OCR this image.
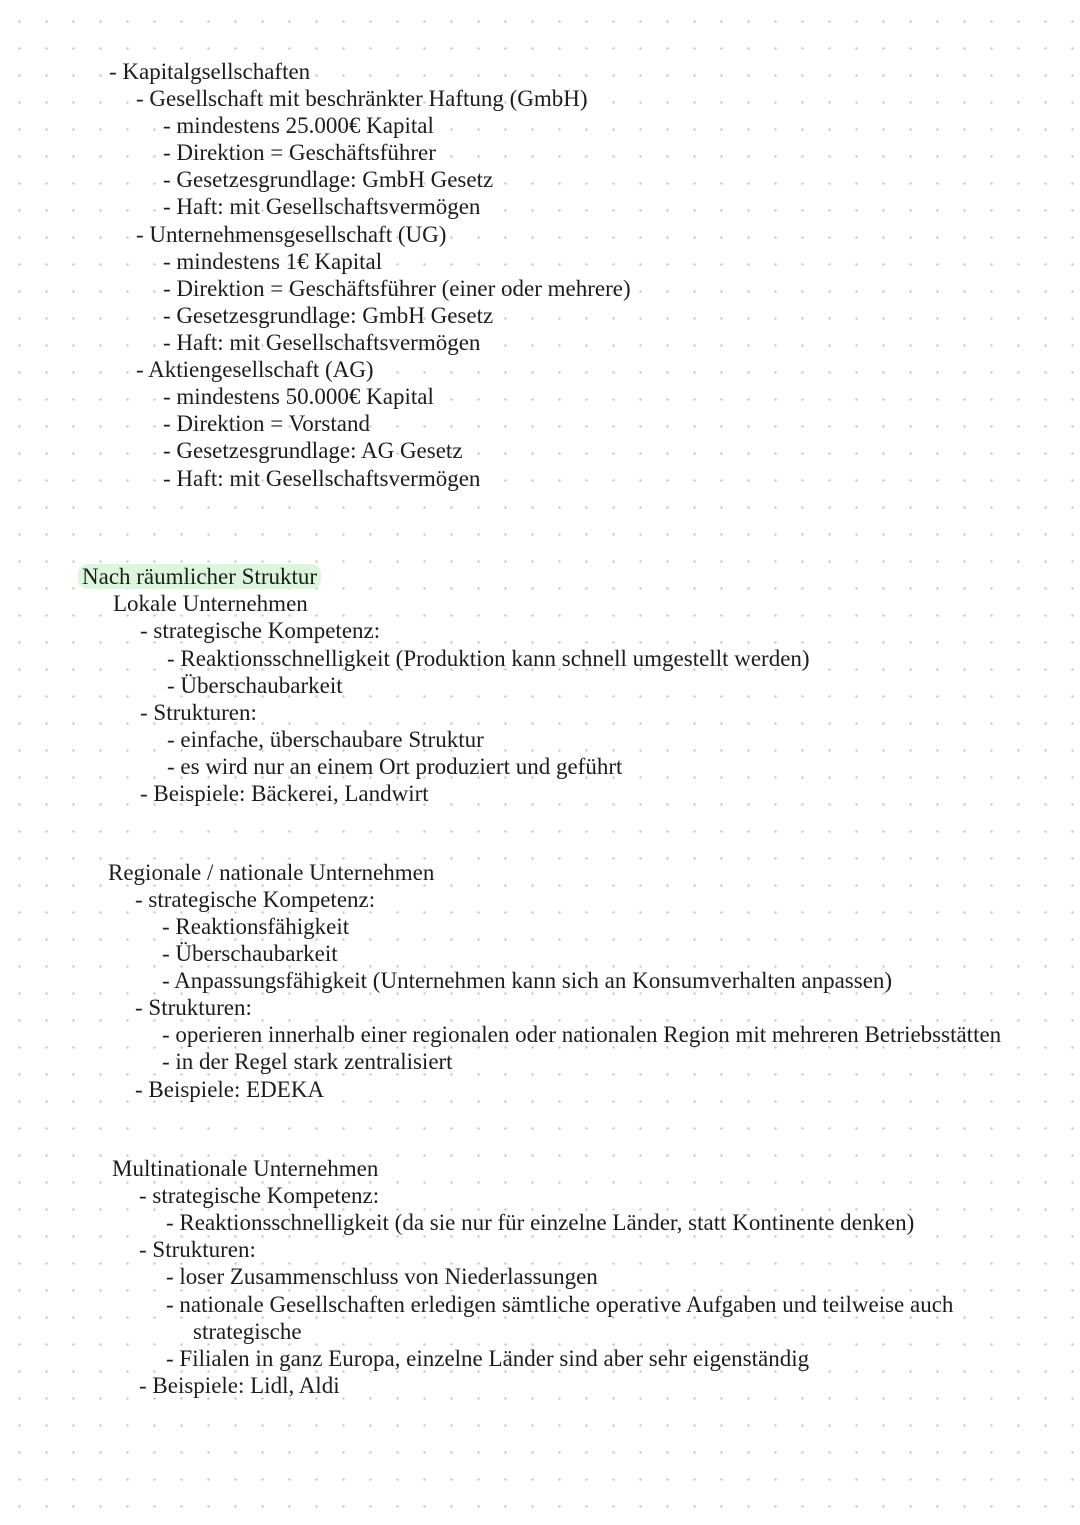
- Kapitalgsellschaften
- Gesellschaft mit beschränkter Haftung (GmbH)
- mindestens 25.000€ Kapital
- Direktion = Geschäftsführer
- Gesetzesgrundlage: GmbH Gesetz
- Haft: mit Gesellschaftsvermögen
- Unternehmensgesellschaft (UG)
- mindestens 1€ Kapital
- Direktion = Geschäftsführer (einer oder mehrere)
- Gesetzesgrundlage: GmbH Gesetz
- Haft: mit Gesellschaftsvermögen
- Aktiengesellschaft (AG)
- mindestens 50.000€ Kapital
- Direktion = Vorstand
- Gesetzesgrundlage: AG Gesetz
- Haft: mit Gesellschaftsvermögen
Nach räumlicher Struktur
Lokale Unternehmen
- strategische Kompetenz:
- Reaktionsschnelligkeit (Produktion kann schnell umgestellt werden)
- Überschaubarkeit
- Strukturen:
- einfache, überschaubare Struktur
- es wird nur an einem Ort produziert und geführt
- Beispiele: Bäckerei, Landwirt
Regionale / nationale Unternehmen
- strategische Kompetenz:
- Reaktionsfähigkeit
- Überschaubarkeit
- Anpassungsfähigkeit (Unternehmen kann sich an Konsumverhalten anpassen)
- Strukturen:
- operieren innerhalb einer regionalen oder nationalen Region mit mehreren Betriebsstätten
- in der Regel stark zentralisiert
- Beispiele: EDEKA
Multinationale Unternehmen
- strategische Kompetenz:
- Reaktionsschnelligkeit (da sie nur für einzelne Länder, statt Kontinente denken)
- Strukturen:
- loser Zusammenschluss von Niederlassungen
- nationale Gesellschaften erledigen sämtliche operative Aufgaben und teilweise auch
strategische
- Filialen in ganz Europa, einzelne Länder sind aber sehr eigenständig
- Beispiele: Lidl, Aldi
